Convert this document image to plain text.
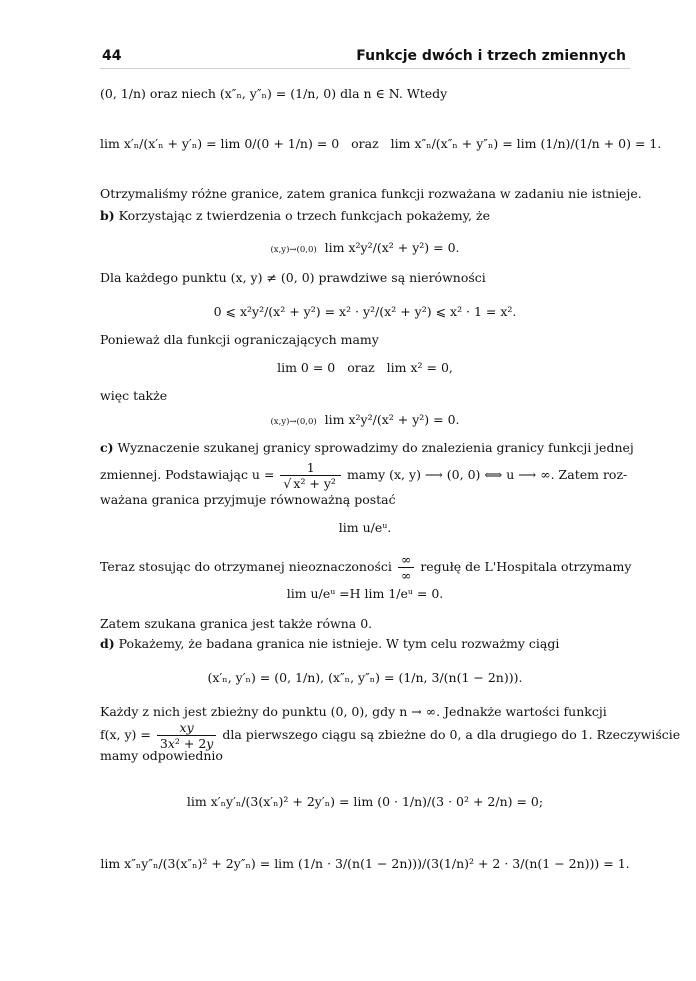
44	Funkcje dwóch i trzech zmiennych
(0, 1/n) oraz niech (x″ₙ, y″ₙ) = (1/n, 0) dla n ∈ N. Wtedy
lim x′ₙ/(x′ₙ + y′ₙ) = lim 0/(0 + 1/n) = 0 oraz lim x″ₙ/(x″ₙ + y″ₙ) = lim (1/n)/(1/n + 0) = 1.
Otrzymaliśmy różne granice, zatem granica funkcji rozważana w zadaniu nie istnieje.
b) Korzystając z twierdzenia o trzech funkcjach pokażemy, że
(x,y)→(0,0) lim x²y²/(x² + y²) = 0.
Dla każdego punktu (x, y) ≠ (0, 0) prawdziwe są nierówności
0 ⩽ x²y²/(x² + y²) = x² · y²/(x² + y²) ⩽ x² · 1 = x².
Ponieważ dla funkcji ograniczających mamy
lim 0 = 0 oraz lim x² = 0,
więc także
(x,y)→(0,0) lim x²y²/(x² + y²) = 0.
c) Wyznaczenie szukanej granicy sprowadzimy do znalezienia granicy funkcji jednej
zmiennej. Podstawiając $u = \frac{1}{\text{√ x² + y²}}$ mamy (x, y) ⟶ (0, 0) ⟺ u ⟶ ∞. Zatem roz-
ważana granica przyjmuje równoważną postać
lim u/eᵘ.
Teraz stosując do otrzymanej nieoznaczoności $\frac{\infty}{\infty}$ regułę de L'Hospitala otrzymamy
lim u/eᵘ =H lim 1/eᵘ = 0.
Zatem szukana granica jest także równa 0.
d) Pokażemy, że badana granica nie istnieje. W tym celu rozważmy ciągi
(x′ₙ, y′ₙ) = (0, 1/n), (x″ₙ, y″ₙ) = (1/n, 3/(n(1 − 2n))).
Każdy z nich jest zbieżny do punktu (0, 0), gdy n → ∞. Jednakże wartości funkcji
f(x, $y) = \frac{xy}{\text{3x² + 2y}}$ dla pierwszego ciągu są zbieżne do 0, a dla drugiego do 1. Rzeczywiście
mamy odpowiednio
lim x′ₙy′ₙ/(3(x′ₙ)² + 2y′ₙ) = lim (0 · 1/n)/(3 · 0² + 2/n) = 0;
lim x″ₙy″ₙ/(3(x″ₙ)² + 2y″ₙ) = lim (1/n · 3/(n(1 − 2n)))/(3(1/n)² + 2 · 3/(n(1 − 2n))) = 1.
